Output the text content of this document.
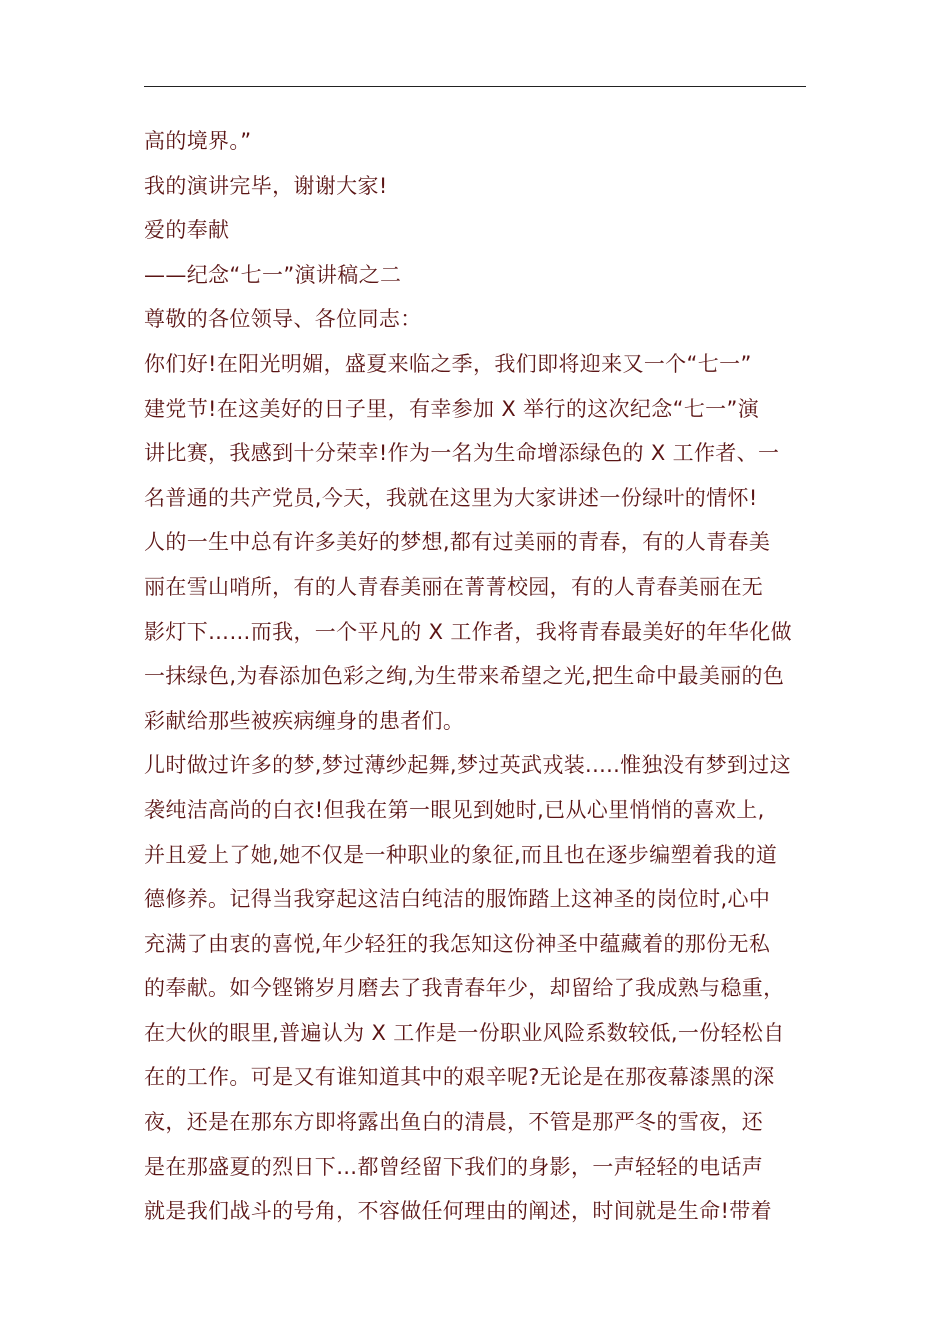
高的境界。”
我的演讲完毕，谢谢大家!
爱的奉献
——纪念“七一”演讲稿之二
尊敬的各位领导、各位同志：
你们好!在阳光明媚，盛夏来临之季，我们即将迎来又一个“七一”
建党节!在这美好的日子里，有幸参加 X 举行的这次纪念“七一”演
讲比赛，我感到十分荣幸!作为一名为生命增添绿色的 X 工作者、一
名普通的共产党员,今天，我就在这里为大家讲述一份绿叶的情怀!
人的一生中总有许多美好的梦想,都有过美丽的青春，有的人青春美
丽在雪山哨所，有的人青春美丽在菁菁校园，有的人青春美丽在无
影灯下……而我，一个平凡的 X 工作者，我将青春最美好的年华化做
一抹绿色,为春添加色彩之绚,为生带来希望之光,把生命中最美丽的色
彩献给那些被疾病缠身的患者们。
儿时做过许多的梦,梦过薄纱起舞,梦过英武戎装.....惟独没有梦到过这
袭纯洁高尚的白衣!但我在第一眼见到她时,已从心里悄悄的喜欢上,
并且爱上了她,她不仅是一种职业的象征,而且也在逐步编塑着我的道
德修养。记得当我穿起这洁白纯洁的服饰踏上这神圣的岗位时,心中
充满了由衷的喜悦,年少轻狂的我怎知这份神圣中蕴藏着的那份无私
的奉献。如今铿锵岁月磨去了我青春年少，却留给了我成熟与稳重，
在大伙的眼里,普遍认为 X 工作是一份职业风险系数较低,一份轻松自
在的工作。可是又有谁知道其中的艰辛呢?无论是在那夜幕漆黑的深
夜，还是在那东方即将露出鱼白的清晨，不管是那严冬的雪夜，还
是在那盛夏的烈日下…都曾经留下我们的身影，一声轻轻的电话声
就是我们战斗的号角，不容做任何理由的阐述，时间就是生命!带着
